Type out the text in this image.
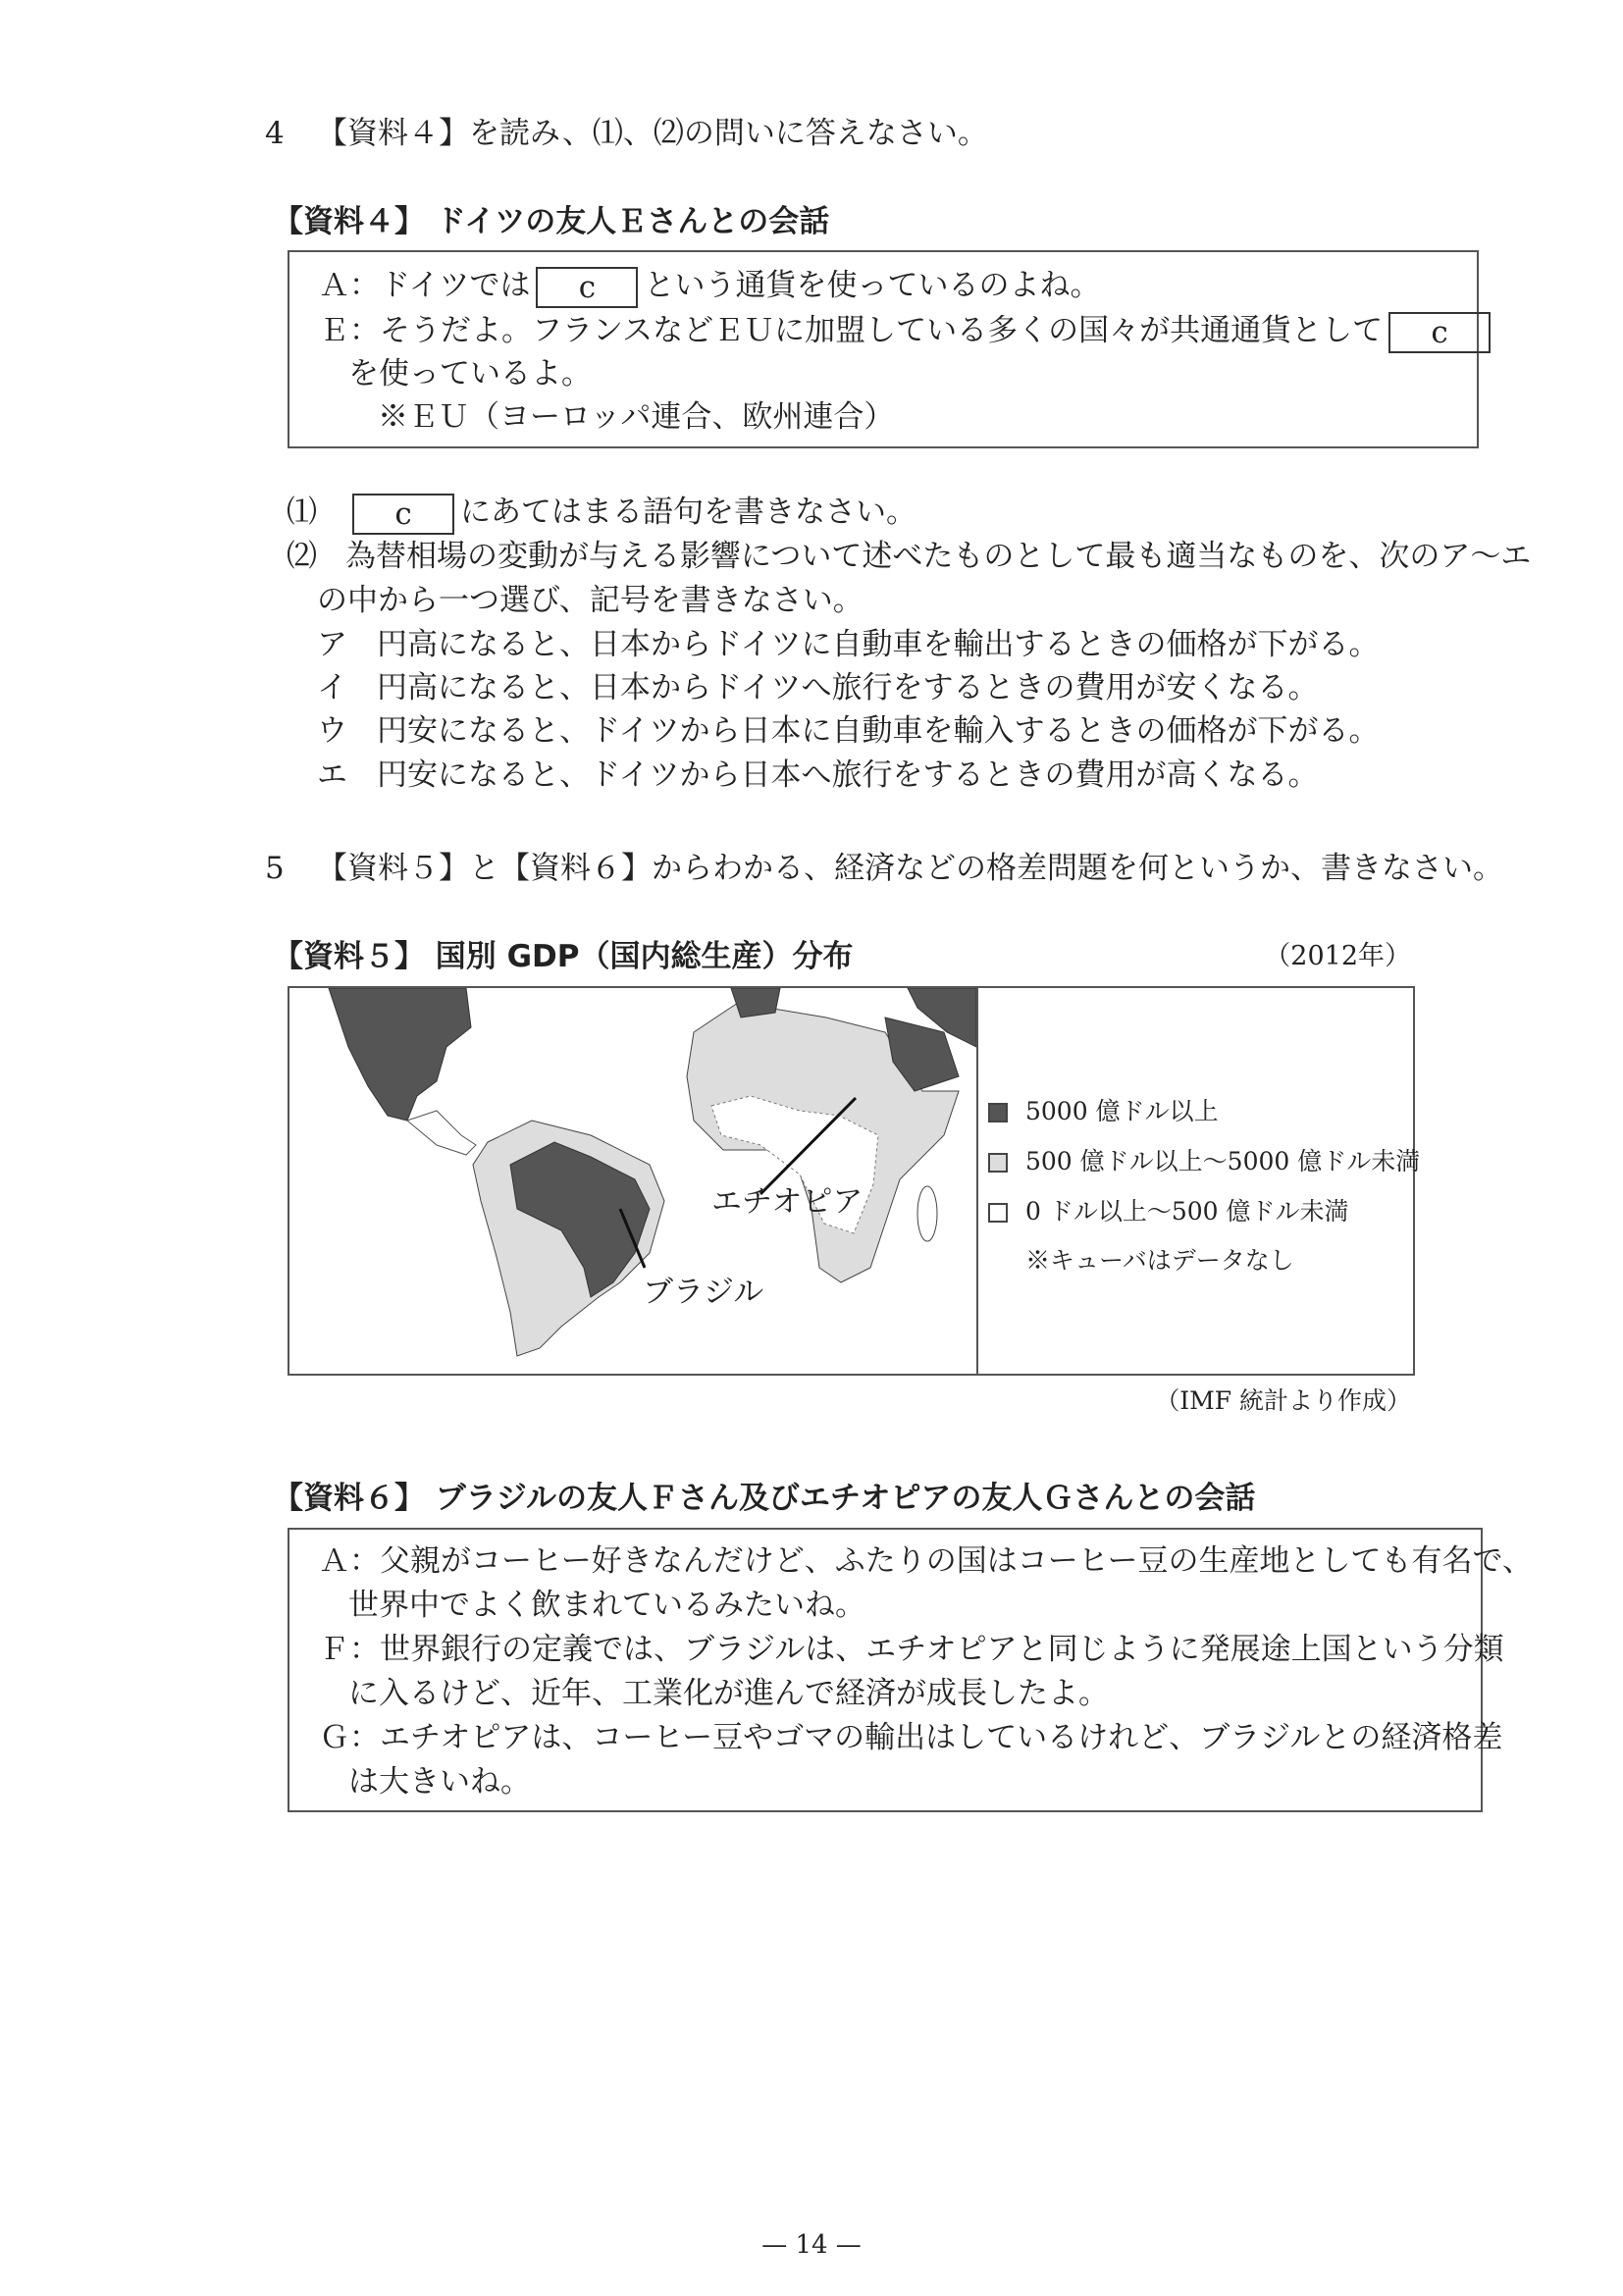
4 【資料４】を読み、⑴、⑵の問いに答えなさい。
【資料４】 ドイツの友人Ｅさんとの会話
Ａ：ドイツでは c という通貨を使っているのよね。
Ｅ：そうだよ。フランスなどＥＵに加盟している多くの国々が共通通貨として c
を使っているよ。
※ＥＵ（ヨーロッパ連合、欧州連合）
⑴	c にあてはまる語句を書きなさい。
⑵ 為替相場の変動が与える影響について述べたものとして最も適当なものを、次のア〜エ
の中から一つ選び、記号を書きなさい。
ア 円高になると、日本からドイツに自動車を輸出するときの価格が下がる。
イ 円高になると、日本からドイツへ旅行をするときの費用が安くなる。
ウ 円安になると、ドイツから日本に自動車を輸入するときの価格が下がる。
エ 円安になると、ドイツから日本へ旅行をするときの費用が高くなる。
5 【資料５】と【資料６】からわかる、経済などの格差問題を何というか、書きなさい。
【資料５】 国別 GDP（国内総生産）分布	（2012年）
エチオピア
ブラジル
5000 億ドル以上
500 億ドル以上〜5000 億ドル未満
0 ドル以上〜500 億ドル未満
※キューバはデータなし
（IMF 統計より作成）
【資料６】 ブラジルの友人Ｆさん及びエチオピアの友人Ｇさんとの会話
Ａ：父親がコーヒー好きなんだけど、ふたりの国はコーヒー豆の生産地としても有名で、
世界中でよく飲まれているみたいね。
Ｆ：世界銀行の定義では、ブラジルは、エチオピアと同じように発展途上国という分類
に入るけど、近年、工業化が進んで経済が成長したよ。
Ｇ：エチオピアは、コーヒー豆やゴマの輸出はしているけれど、ブラジルとの経済格差
は大きいね。
— 14 —
